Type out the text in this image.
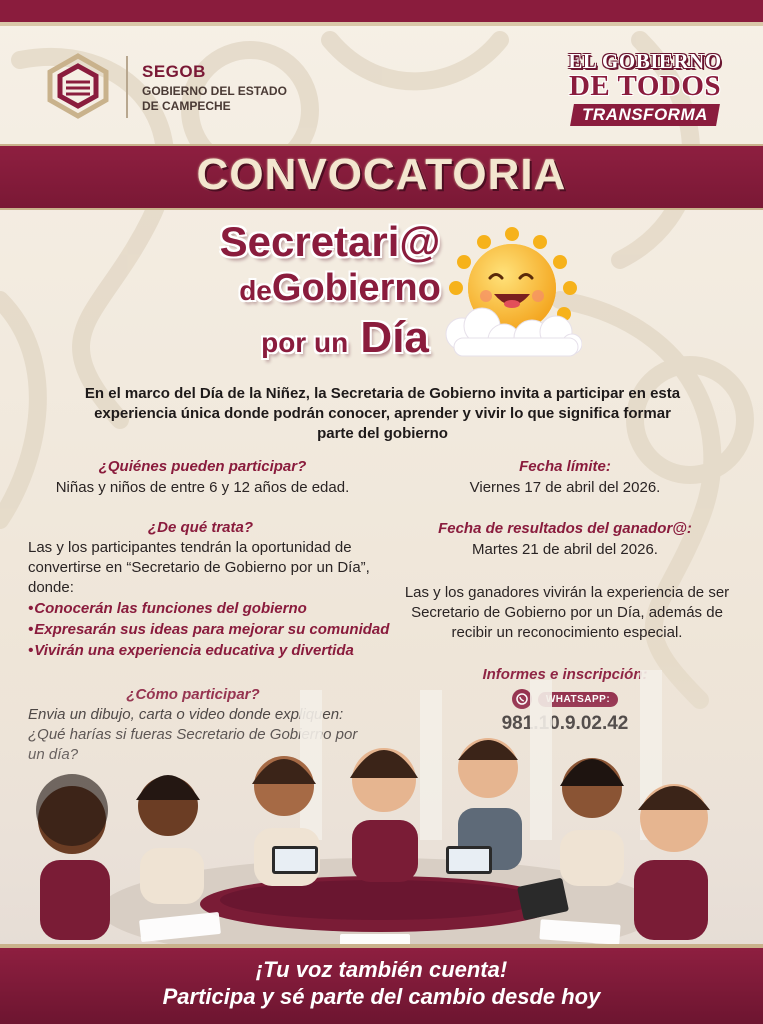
SEGOB
GOBIERNO DEL ESTADO
DE CAMPECHE
EL GOBIERNO
DE TODOS
TRANSFORMA
CONVOCATORIA
Secretari@
deGobierno
por un Día
En el marco del Día de la Niñez, la Secretaria de Gobierno invita a participar en esta experiencia única donde podrán conocer, aprender y vivir lo que significa formar parte del gobierno
¿Quiénes pueden participar?
Niñas y niños de entre 6 y 12 años de edad.
¿De qué trata?
Las y los participantes tendrán la oportunidad de convertirse en “Secretario de Gobierno por un Día”, donde:
• Conocerán las funciones del gobierno
• Expresarán sus ideas para mejorar su comunidad
• Vivirán una experiencia educativa y divertida
Fecha límite:
Viernes 17 de abril del 2026.
Fecha de resultados del ganador@:
Martes 21 de abril del 2026.
Las y los ganadores vivirán la experiencia de ser Secretario de Gobierno por un Día, además de recibir un reconocimiento especial.
¡Tu voz también cuenta!
Participa y sé parte del cambio desde hoy
